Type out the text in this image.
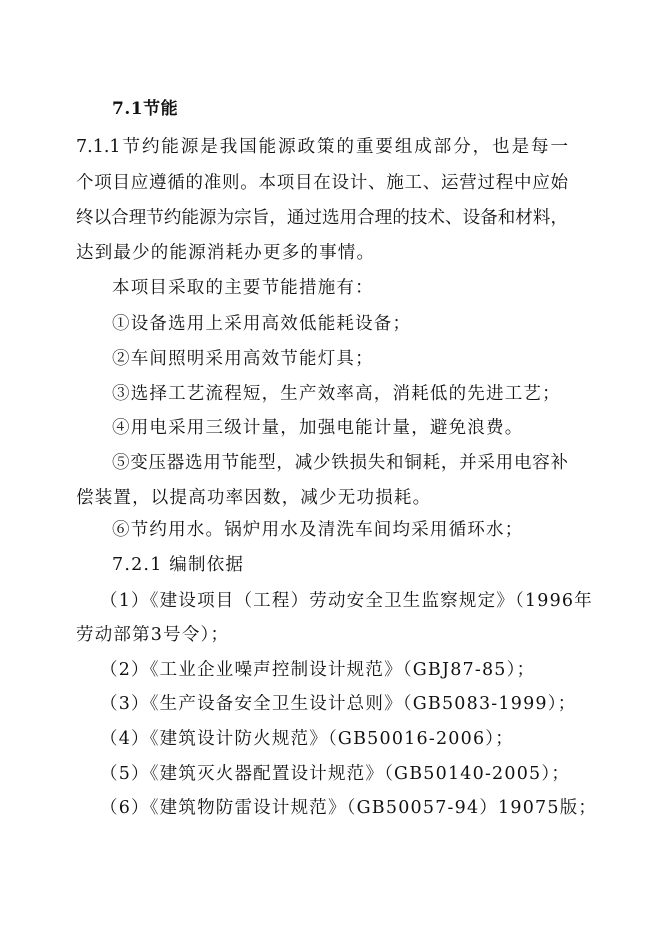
7.1节能
7.1.1节约能源是我国能源政策的重要组成部分，也是每一
个项目应遵循的准则。本项目在设计、施工、运营过程中应始
终以合理节约能源为宗旨，通过选用合理的技术、设备和材料，
达到最少的能源消耗办更多的事情。
本项目采取的主要节能措施有：
①设备选用上采用高效低能耗设备；
②车间照明采用高效节能灯具；
③选择工艺流程短，生产效率高，消耗低的先进工艺；
④用电采用三级计量，加强电能计量，避免浪费。
⑤变压器选用节能型，减少铁损失和铜耗，并采用电容补
偿装置，以提高功率因数，减少无功损耗。
⑥节约用水。锅炉用水及清洗车间均采用循环水；
7.2.1 编制依据
（1）《建设项目（工程）劳动安全卫生监察规定》（1996年
劳动部第3号令）；
（2）《工业企业噪声控制设计规范》（GBJ87-85）；
（3）《生产设备安全卫生设计总则》（GB5083-1999）；
（4）《建筑设计防火规范》（GB50016-2006）；
（5）《建筑灭火器配置设计规范》（GB50140-2005）；
（6）《建筑物防雷设计规范》（GB50057-94）19075版；
